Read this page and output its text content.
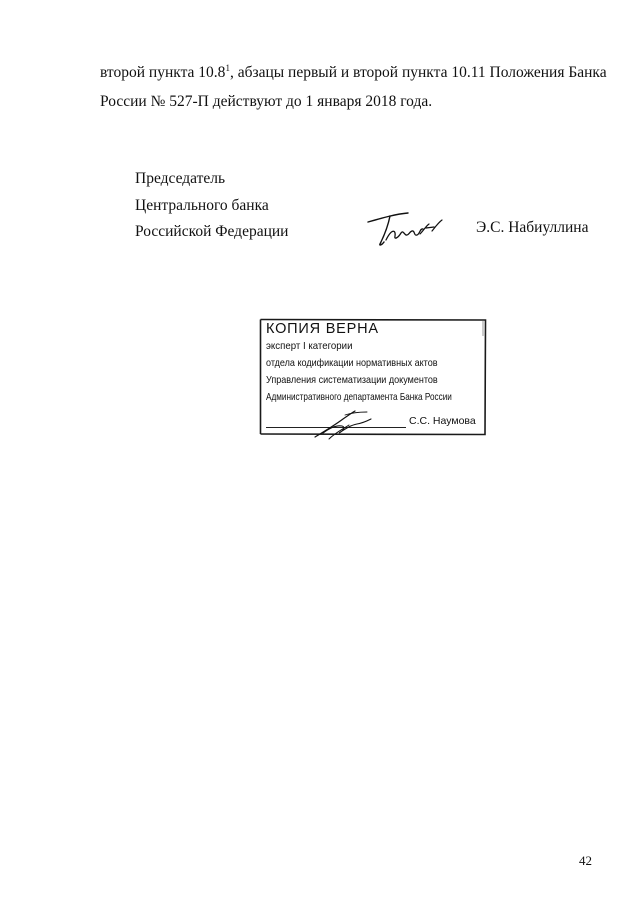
второй пункта 10.8$^1$, абзацы первый и второй пункта 10.11 Положения Банка
России № 527-П действуют до 1 января 2018 года.

Председатель
Центрального банка
Российской Федерации	Э.С. Набиуллина
КОПИЯ ВЕРНА
эксперт I категории
отдела кодификации нормативных актов
Управления систематизации документов
Административного департамента Банка России
С.С. Наумова
42
